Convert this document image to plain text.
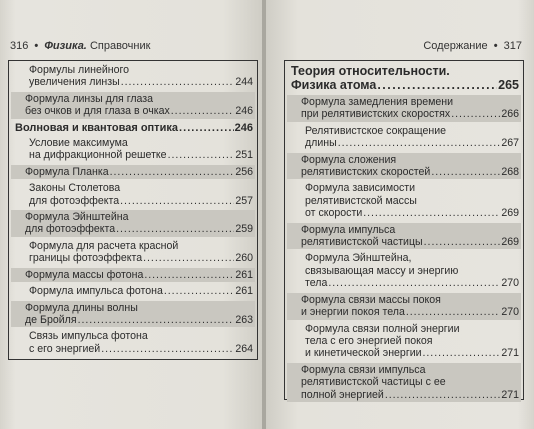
316 • Физика. Справочник
Формулы линейного
увеличения линзы . . .	244
Формула линзы для глаза
без очков и для глаза в очках . . .	246
Волновая и квантовая оптика . . .	246
Условие максимума
на дифракционной решетке . . .	251
Формула Планка . . .	256
Законы Столетова
для фотоэффекта . . .	257
Формула Эйнштейна
для фотоэффекта . . .	259
Формула для расчета красной
границы фотоэффекта . . .	260
Формула массы фотона . . .	261
Формула импульса фотона . . .	261
Формула длины волны
де Бройля . . .	263
Связь импульса фотона
с его энергией . . .	264
Содержание • 317
Теория относительности.
Физика атома . . .	265
Формула замедления времени
при релятивистских скоростях . . .	266
Релятивистское сокращение
длины . . .	267
Формула сложения
релятивистских скоростей . . .	268
Формула зависимости
релятивистской массы
от скорости . . .	269
Формула импульса
релятивистской частицы . . .	269
Формула Эйнштейна,
связывающая массу и энергию
тела . . .	270
Формула связи массы покоя
и энергии покоя тела . . .	270
Формула связи полной энергии
тела с его энергией покоя
и кинетической энергии . . .	271
Формула связи импульса
релятивистской частицы с ее
полной энергией . . .	271
